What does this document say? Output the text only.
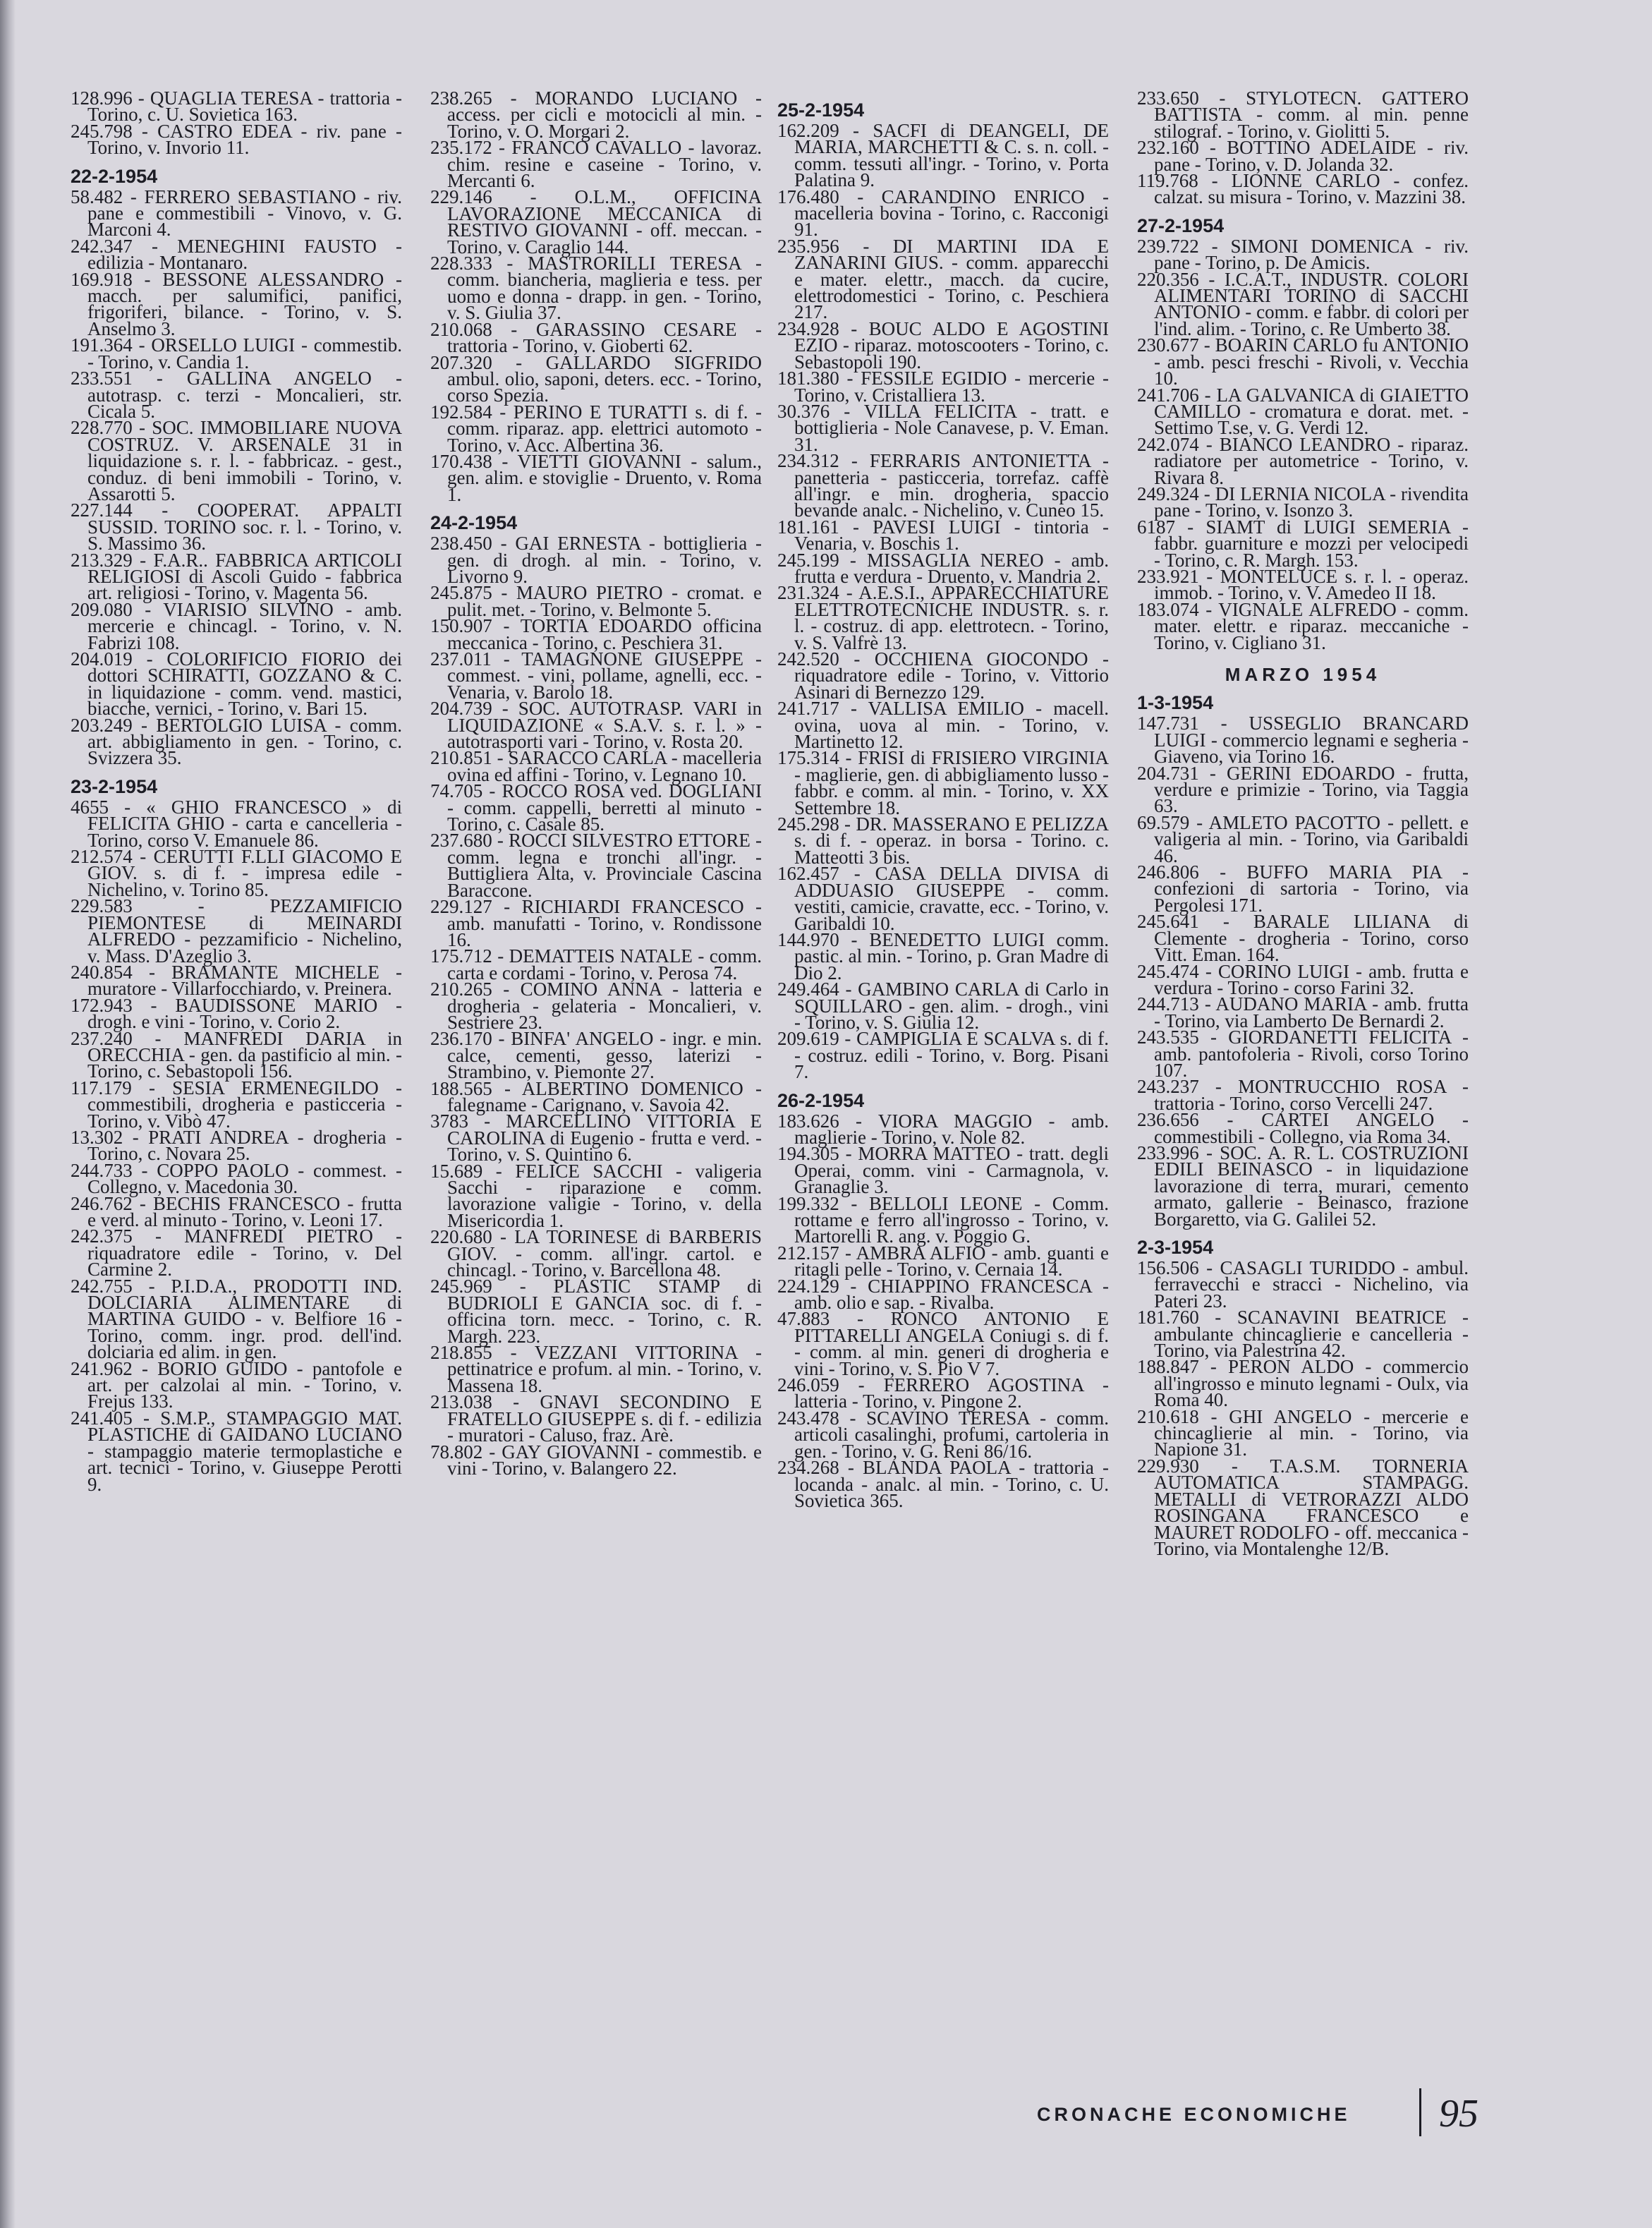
128.996 - QUAGLIA TERESA - trattoria - Torino, c. U. Sovietica 163.
245.798 - CASTRO EDEA - riv. pane - Torino, v. Invorio 11.
22-2-1954
58.482 - FERRERO SEBASTIANO - riv. pane e commestibili - Vinovo, v. G. Marconi 4.
242.347 - MENEGHINI FAUSTO - edilizia - Montanaro.
169.918 - BESSONE ALESSANDRO - macch. per salumifici, panifici, frigoriferi, bilance. - Torino, v. S. Anselmo 3.
191.364 - ORSELLO LUIGI - commestib. - Torino, v. Candia 1.
233.551 - GALLINA ANGELO - autotrasp. c. terzi - Moncalieri, str. Cicala 5.
228.770 - SOC. IMMOBILIARE NUOVA COSTRUZ. V. ARSENALE 31 in liquidazione s. r. l. - fabbricaz. - gest., conduz. di beni immobili - Torino, v. Assarotti 5.
227.144 - COOPERAT. APPALTI SUSSID. TORINO soc. r. l. - Torino, v. S. Massimo 36.
213.329 - F.A.R.. FABBRICA ARTICOLI RELIGIOSI di Ascoli Guido - fabbrica art. religiosi - Torino, v. Magenta 56.
209.080 - VIARISIO SILVINO - amb. mercerie e chincagl. - Torino, v. N. Fabrizi 108.
204.019 - COLORIFICIO FIORIO dei dottori SCHIRATTI, GOZZANO & C. in liquidazione - comm. vend. mastici, biacche, vernici, - Torino, v. Bari 15.
203.249 - BERTOLGIO LUISA - comm. art. abbigliamento in gen. - Torino, c. Svizzera 35.
23-2-1954
4655 - « GHIO FRANCESCO » di FELICITA GHIO - carta e cancelleria - Torino, corso V. Emanuele 86.
212.574 - CERUTTI F.LLI GIACOMO E GIOV. s. di f. - impresa edile - Nichelino, v. Torino 85.
229.583 - PEZZAMIFICIO PIEMONTESE di MEINARDI ALFREDO - pezzamificio - Nichelino, v. Mass. D'Azeglio 3.
240.854 - BRAMANTE MICHELE - muratore - Villarfocchiardo, v. Preinera.
172.943 - BAUDISSONE MARIO - drogh. e vini - Torino, v. Corio 2.
237.240 - MANFREDI DARIA in ORECCHIA - gen. da pastificio al min. - Torino, c. Sebastopoli 156.
117.179 - SESIA ERMENEGILDO - commestibili, drogheria e pasticceria - Torino, v. Vibò 47.
13.302 - PRATI ANDREA - drogheria - Torino, c. Novara 25.
244.733 - COPPO PAOLO - commest. - Collegno, v. Macedonia 30.
246.762 - BECHIS FRANCESCO - frutta e verd. al minuto - Torino, v. Leoni 17.
242.375 - MANFREDI PIETRO - riquadratore edile - Torino, v. Del Carmine 2.
242.755 - P.I.D.A., PRODOTTI IND. DOLCIARIA ALIMENTARE di MARTINA GUIDO - v. Belfiore 16 - Torino, comm. ingr. prod. dell'ind. dolciaria ed alim. in gen.
241.962 - BORIO GUIDO - pantofole e art. per calzolai al min. - Torino, v. Frejus 133.
241.405 - S.M.P., STAMPAGGIO MAT. PLASTICHE di GAIDANO LUCIANO - stampaggio materie termoplastiche e art. tecnici - Torino, v. Giuseppe Perotti 9.
238.265 - MORANDO LUCIANO - access. per cicli e motocicli al min. - Torino, v. O. Morgari 2.
235.172 - FRANCO CAVALLO - lavoraz. chim. resine e caseine - Torino, v. Mercanti 6.
229.146 - O.L.M., OFFICINA LAVORAZIONE MECCANICA di RESTIVO GIOVANNI - off. meccan. - Torino, v. Caraglio 144.
228.333 - MASTRORILLI TERESA - comm. biancheria, maglieria e tess. per uomo e donna - drapp. in gen. - Torino, v. S. Giulia 37.
210.068 - GARASSINO CESARE - trattoria - Torino, v. Gioberti 62.
207.320 - GALLARDO SIGFRIDO ambul. olio, saponi, deters. ecc. - Torino, corso Spezia.
192.584 - PERINO E TURATTI s. di f. - comm. riparaz. app. elettrici automoto - Torino, v. Acc. Albertina 36.
170.438 - VIETTI GIOVANNI - salum., gen. alim. e stoviglie - Druento, v. Roma 1.
24-2-1954
238.450 - GAI ERNESTA - bottiglieria - gen. di drogh. al min. - Torino, v. Livorno 9.
245.875 - MAURO PIETRO - cromat. e pulit. met. - Torino, v. Belmonte 5.
150.907 - TORTIA EDOARDO officina meccanica - Torino, c. Peschiera 31.
237.011 - TAMAGNONE GIUSEPPE - commest. - vini, pollame, agnelli, ecc. - Venaria, v. Barolo 18.
204.739 - SOC. AUTOTRASP. VARI in LIQUIDAZIONE « S.A.V. s. r. l. » - autotrasporti vari - Torino, v. Rosta 20.
210.851 - SARACCO CARLA - macelleria ovina ed affini - Torino, v. Legnano 10.
74.705 - ROCCO ROSA ved. DOGLIANI - comm. cappelli, berretti al minuto - Torino, c. Casale 85.
237.680 - ROCCI SILVESTRO ETTORE - comm. legna e tronchi all'ingr. - Buttigliera Alta, v. Provinciale Cascina Baraccone.
229.127 - RICHIARDI FRANCESCO - amb. manufatti - Torino, v. Rondissone 16.
175.712 - DEMATTEIS NATALE - comm. carta e cordami - Torino, v. Perosa 74.
210.265 - COMINO ANNA - latteria e drogheria - gelateria - Moncalieri, v. Sestriere 23.
236.170 - BINFA' ANGELO - ingr. e min. calce, cementi, gesso, laterizi - Strambino, v. Piemonte 27.
188.565 - ALBERTINO DOMENICO - falegname - Carignano, v. Savoia 42.
3783 - MARCELLINO VITTORIA E CAROLINA di Eugenio - frutta e verd. - Torino, v. S. Quintino 6.
15.689 - FELICE SACCHI - valigeria Sacchi - riparazione e comm. lavorazione valigie - Torino, v. della Misericordia 1.
220.680 - LA TORINESE di BARBERIS GIOV. - comm. all'ingr. cartol. e chincagl. - Torino, v. Barcellona 48.
245.969 - PLASTIC STAMP di BUDRIOLI E GANCIA soc. di f. - officina torn. mecc. - Torino, c. R. Margh. 223.
218.855 - VEZZANI VITTORINA - pettinatrice e profum. al min. - Torino, v. Massena 18.
213.038 - GNAVI SECONDINO E FRATELLO GIUSEPPE s. di f. - edilizia - muratori - Caluso, fraz. Arè.
78.802 - GAY GIOVANNI - commestib. e vini - Torino, v. Balangero 22.
25-2-1954
162.209 - SACFI di DEANGELI, DE MARIA, MARCHETTI & C. s. n. coll. - comm. tessuti all'ingr. - Torino, v. Porta Palatina 9.
176.480 - CARANDINO ENRICO - macelleria bovina - Torino, c. Racconigi 91.
235.956 - DI MARTINI IDA E ZANARINI GIUS. - comm. apparecchi e mater. elettr., macch. da cucire, elettrodomestici - Torino, c. Peschiera 217.
234.928 - BOUC ALDO E AGOSTINI EZIO - riparaz. motoscooters - Torino, c. Sebastopoli 190.
181.380 - FESSILE EGIDIO - mercerie - Torino, v. Cristalliera 13.
30.376 - VILLA FELICITA - tratt. e bottiglieria - Nole Canavese, p. V. Eman. 31.
234.312 - FERRARIS ANTONIETTA - panetteria - pasticceria, torrefaz. caffè all'ingr. e min. drogheria, spaccio bevande analc. - Nichelino, v. Cuneo 15.
181.161 - PAVESI LUIGI - tintoria - Venaria, v. Boschis 1.
245.199 - MISSAGLIA NEREO - amb. frutta e verdura - Druento, v. Mandria 2.
231.324 - A.E.S.I., APPARECCHIATURE ELETTROTECNICHE INDUSTR. s. r. l. - costruz. di app. elettrotecn. - Torino, v. S. Valfrè 13.
242.520 - OCCHIENA GIOCONDO - riquadratore edile - Torino, v. Vittorio Asinari di Bernezzo 129.
241.717 - VALLISA EMILIO - macell. ovina, uova al min. - Torino, v. Martinetto 12.
175.314 - FRISI di FRISIERO VIRGINIA - maglierie, gen. di abbigliamento lusso - fabbr. e comm. al min. - Torino, v. XX Settembre 18.
245.298 - DR. MASSERANO E PELIZZA s. di f. - operaz. in borsa - Torino. c. Matteotti 3 bis.
162.457 - CASA DELLA DIVISA di ADDUASIO GIUSEPPE - comm. vestiti, camicie, cravatte, ecc. - Torino, v. Garibaldi 10.
144.970 - BENEDETTO LUIGI comm. pastic. al min. - Torino, p. Gran Madre di Dio 2.
249.464 - GAMBINO CARLA di Carlo in SQUILLARO - gen. alim. - drogh., vini - Torino, v. S. Giulia 12.
209.619 - CAMPIGLIA E SCALVA s. di f. - costruz. edili - Torino, v. Borg. Pisani 7.
26-2-1954
183.626 - VIORA MAGGIO - amb. maglierie - Torino, v. Nole 82.
194.305 - MORRA MATTEO - tratt. degli Operai, comm. vini - Carmagnola, v. Granaglie 3.
199.332 - BELLOLI LEONE - Comm. rottame e ferro all'ingrosso - Torino, v. Martorelli R. ang. v. Poggio G.
212.157 - AMBRA ALFIO - amb. guanti e ritagli pelle - Torino, v. Cernaia 14.
224.129 - CHIAPPINO FRANCESCA - amb. olio e sap. - Rivalba.
47.883 - RONCO ANTONIO E PITTARELLI ANGELA Coniugi s. di f. - comm. al min. generi di drogheria e vini - Torino, v. S. Pio V 7.
246.059 - FERRERO AGOSTINA - latteria - Torino, v. Pingone 2.
243.478 - SCAVINO TERESA - comm. articoli casalinghi, profumi, cartoleria in gen. - Torino, v. G. Reni 86/16.
234.268 - BLANDA PAOLA - trattoria - locanda - analc. al min. - Torino, c. U. Sovietica 365.
233.650 - STYLOTECN. GATTERO BATTISTA - comm. al min. penne stilograf. - Torino, v. Giolitti 5.
232.160 - BOTTINO ADELAIDE - riv. pane - Torino, v. D. Jolanda 32.
119.768 - LIONNE CARLO - confez. calzat. su misura - Torino, v. Mazzini 38.
27-2-1954
239.722 - SIMONI DOMENICA - riv. pane - Torino, p. De Amicis.
220.356 - I.C.A.T., INDUSTR. COLORI ALIMENTARI TORINO di SACCHI ANTONIO - comm. e fabbr. di colori per l'ind. alim. - Torino, c. Re Umberto 38.
230.677 - BOARIN CARLO fu ANTONIO - amb. pesci freschi - Rivoli, v. Vecchia 10.
241.706 - LA GALVANICA di GIAIETTO CAMILLO - cromatura e dorat. met. - Settimo T.se, v. G. Verdi 12.
242.074 - BIANCO LEANDRO - riparaz. radiatore per autometrice - Torino, v. Rivara 8.
249.324 - DI LERNIA NICOLA - rivendita pane - Torino, v. Isonzo 3.
6187 - SIAMT di LUIGI SEMERIA - fabbr. guarniture e mozzi per velocipedi - Torino, c. R. Margh. 153.
233.921 - MONTELUCE s. r. l. - operaz. immob. - Torino, v. V. Amedeo II 18.
183.074 - VIGNALE ALFREDO - comm. mater. elettr. e riparaz. meccaniche - Torino, v. Cigliano 31.
MARZO 1954
1-3-1954
147.731 - USSEGLIO BRANCARD LUIGI - commercio legnami e segheria - Giaveno, via Torino 16.
204.731 - GERINI EDOARDO - frutta, verdure e primizie - Torino, via Taggia 63.
69.579 - AMLETO PACOTTO - pellett. e valigeria al min. - Torino, via Garibaldi 46.
246.806 - BUFFO MARIA PIA - confezioni di sartoria - Torino, via Pergolesi 171.
245.641 - BARALE LILIANA di Clemente - drogheria - Torino, corso Vitt. Eman. 164.
245.474 - CORINO LUIGI - amb. frutta e verdura - Torino - corso Farini 32.
244.713 - AUDANO MARIA - amb. frutta - Torino, via Lamberto De Bernardi 2.
243.535 - GIORDANETTI FELICITA - amb. pantofoleria - Rivoli, corso Torino 107.
243.237 - MONTRUCCHIO ROSA - trattoria - Torino, corso Vercelli 247.
236.656 - CARTEI ANGELO - commestibili - Collegno, via Roma 34.
233.996 - SOC. A. R. L. COSTRUZIONI EDILI BEINASCO - in liquidazione lavorazione di terra, murari, cemento armato, gallerie - Beinasco, frazione Borgaretto, via G. Galilei 52.
2-3-1954
156.506 - CASAGLI TURIDDO - ambul. ferravecchi e stracci - Nichelino, via Pateri 23.
181.760 - SCANAVINI BEATRICE - ambulante chincaglierie e cancelleria - Torino, via Palestrina 42.
188.847 - PERON ALDO - commercio all'ingrosso e minuto legnami - Oulx, via Roma 40.
210.618 - GHI ANGELO - mercerie e chincaglierie al min. - Torino, via Napione 31.
229.930 - T.A.S.M. TORNERIA AUTOMATICA STAMPAGG. METALLI di VETRORAZZI ALDO ROSINGANA FRANCESCO e MAURET RODOLFO - off. meccanica - Torino, via Montalenghe 12/B.
CRONACHE ECONOMICHE 95
